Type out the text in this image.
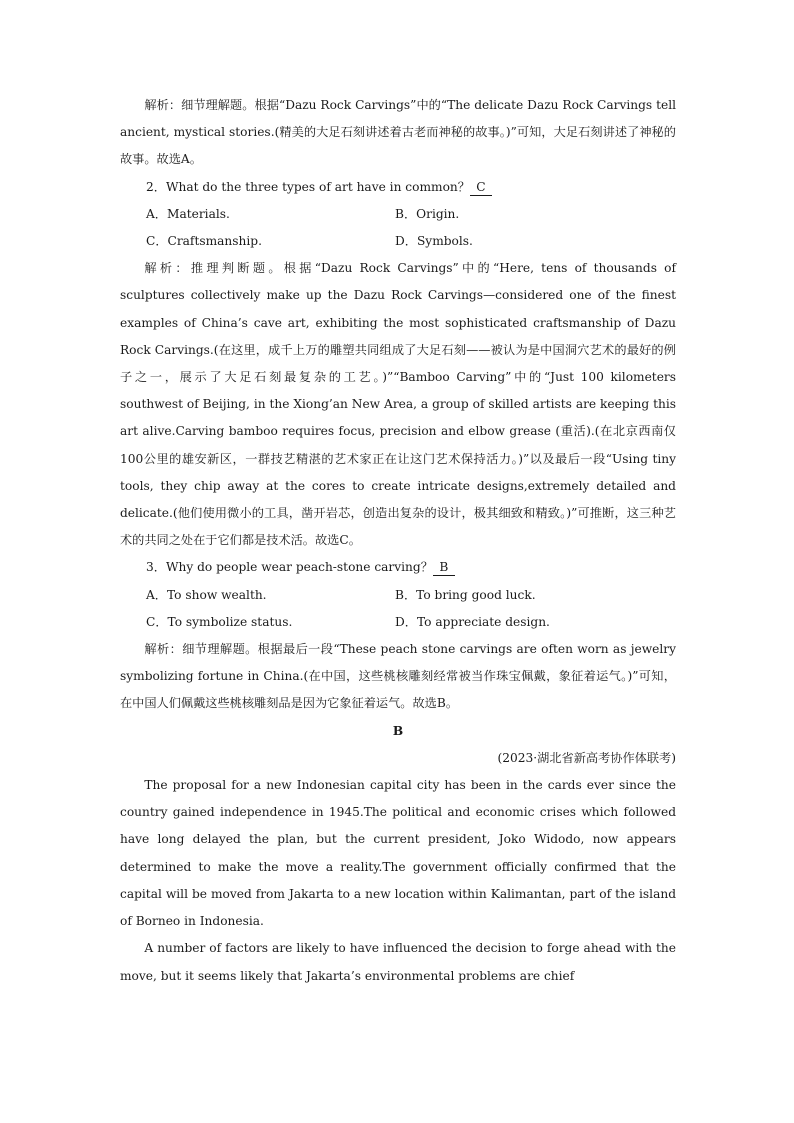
解析：细节理解题。根据“Dazu Rock Carvings”中的“The delicate Dazu Rock Carvings tell ancient, mystical stories.(精美的大足石刻讲述着古老而神秘的故事。)”可知，大足石刻讲述了神秘的故事。故选A。

2．What do the three types of art have in common？ C

A．Materials.	B．Origin.
C．Craftsmanship.	D．Symbols.

解析：推理判断题。根据“Dazu Rock Carvings”中的“Here, tens of thousands of sculptures collectively make up the Dazu Rock Carvings—considered one of the finest examples of China’s cave art, exhibiting the most sophisticated craftsmanship of Dazu Rock Carvings.(在这里，成千上万的雕塑共同组成了大足石刻——被认为是中国洞穴艺术的最好的例子之一，展示了大足石刻最复杂的工艺。)”“Bamboo Carving”中的“Just 100 kilometers southwest of Beijing, in the Xiong’an New Area, a group of skilled artists are keeping this art alive.Carving bamboo requires focus, precision and elbow grease (重活).(在北京西南仅100公里的雄安新区，一群技艺精湛的艺术家正在让这门艺术保持活力。)”以及最后一段“Using tiny tools, they chip away at the cores to create intricate designs,extremely detailed and delicate.(他们使用微小的工具，凿开岩芯，创造出复杂的设计，极其细致和精致。)”可推断，这三种艺术的共同之处在于它们都是技术活。故选C。

3．Why do people wear peach-stone carving？ B

A．To show wealth.	B．To bring good luck.
C．To symbolize status.	D．To appreciate design.

解析：细节理解题。根据最后一段“These peach stone carvings are often worn as jewelry symbolizing fortune in China.(在中国，这些桃核雕刻经常被当作珠宝佩戴，象征着运气。)”可知，在中国人们佩戴这些桃核雕刻品是因为它象征着运气。故选B。

B

(2023·湖北省新高考协作体联考)

The proposal for a new Indonesian capital city has been in the cards ever since the country gained independence in 1945.The political and economic crises which followed have long delayed the plan, but the current president, Joko Widodo, now appears determined to make the move a reality.The government officially confirmed that the capital will be moved from Jakarta to a new location within Kalimantan, part of the island of Borneo in Indonesia.

A number of factors are likely to have influenced the decision to forge ahead with the move, but it seems likely that Jakarta’s environmental problems are chief
